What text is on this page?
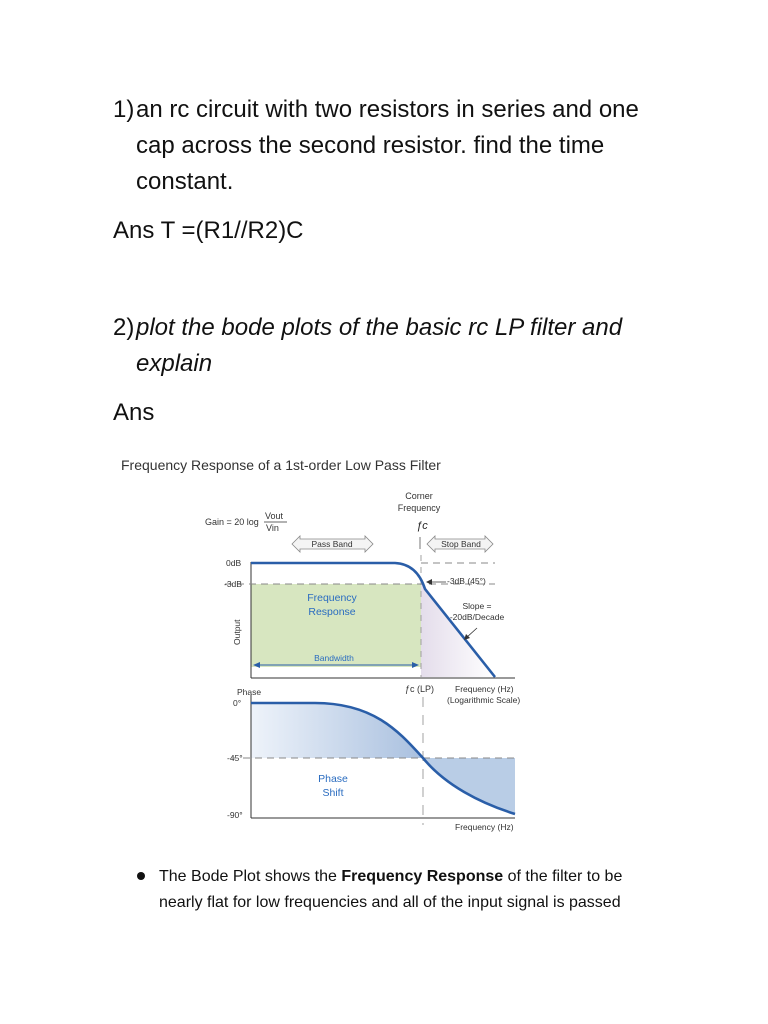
1) an rc circuit with two resistors in series and one
cap across the second resistor. find the time
constant.
Ans T =(R1//R2)C
2) plot the bode plots of the basic rc LP filter and
explain
Ans
Frequency Response of a 1st-order Low Pass Filter
Corner
Frequency
ƒc
Gain = 20 log
Vout
Vin
Pass Band	Stop Band
0dB
-3dB
Output
Frequency
Response
-3dB (45°)
Slope =
-20dB/Decade
Bandwidth
ƒc (LP) Frequency (Hz)
(Logarithmic Scale)
Phase
0°
-45°
-90°
Phase
Shift
Frequency (Hz)
The Bode Plot shows the Frequency Response of the filter to be
nearly flat for low frequencies and all of the input signal is passed
